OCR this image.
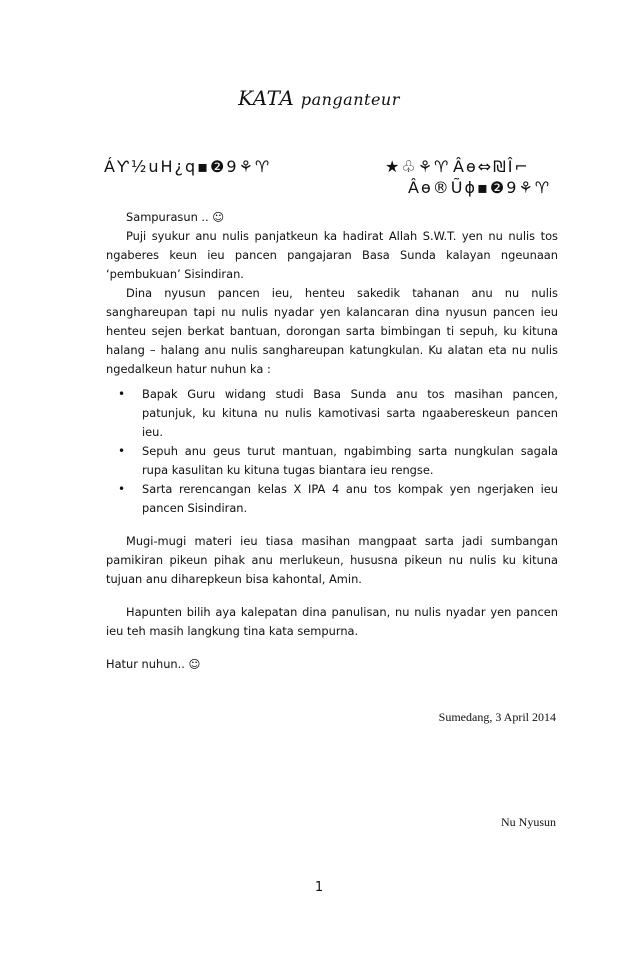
KATA panganteur
ÁƳ½uH¿q▪❷9⚘♈	★♧⚘♈ Âө⇔₪Î⌐
Âө®Ũɸ▪❷9⚘♈

Sampurasun .. ☺

Puji syukur anu nulis panjatkeun ka hadirat Allah S.W.T. yen nu nulis tos ngaberes keun ieu pancen pangajaran Basa Sunda kalayan ngeunaan ‘pembukuan’ Sisindiran.

Dina nyusun pancen ieu, henteu sakedik tahanan anu nu nulis sanghareupan tapi nu nulis nyadar yen kalancaran dina nyusun pancen ieu henteu sejen berkat bantuan, dorongan sarta bimbingan ti sepuh, ku kituna halang – halang anu nulis sanghareupan katungkulan. Ku alatan eta nu nulis ngedalkeun hatur nuhun ka :

• Bapak Guru widang studi Basa Sunda anu tos masihan pancen, patunjuk, ku kituna nu nulis kamotivasi sarta ngaabereskeun pancen ieu.
• Sepuh anu geus turut mantuan, ngabimbing sarta nungkulan sagala rupa kasulitan ku kituna tugas biantara ieu rengse.
• Sarta rerencangan kelas X IPA 4 anu tos kompak yen ngerjaken ieu pancen Sisindiran.

Mugi-mugi materi ieu tiasa masihan mangpaat sarta jadi sumbangan pamikiran pikeun pihak anu merlukeun, hususna pikeun nu nulis ku kituna tujuan anu diharepkeun bisa kahontal, Amin.

Hapunten bilih aya kalepatan dina panulisan, nu nulis nyadar yen pancen ieu teh masih langkung tina kata sempurna.

Hatur nuhun.. ☺

Sumedang, 3 April 2014
Nu Nyusun
1
